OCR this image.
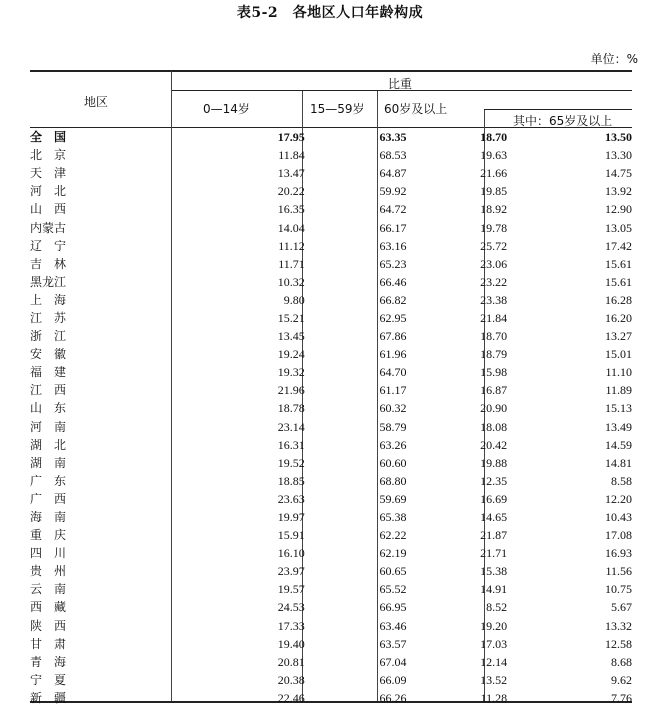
表5-2　各地区人口年龄构成
单位：%
地区
比重
0—14岁	15—59岁 60岁及以上
其中：65岁及以上
全　国	17.95	63.35	18.70	13.50
北　京	11.84	68.53	19.63	13.30
天　津	13.47	64.87	21.66	14.75
河　北	20.22	59.92	19.85	13.92
山　西	16.35	64.72	18.92	12.90
内蒙古	14.04	66.17	19.78	13.05
辽　宁	11.12	63.16	25.72	17.42
吉　林	11.71	65.23	23.06	15.61
黑龙江	10.32	66.46	23.22	15.61
上　海	9.80	66.82	23.38	16.28
江　苏	15.21	62.95	21.84	16.20
浙　江	13.45	67.86	18.70	13.27
安　徽	19.24	61.96	18.79	15.01
福　建	19.32	64.70	15.98	11.10
江　西	21.96	61.17	16.87	11.89
山　东	18.78	60.32	20.90	15.13
河　南	23.14	58.79	18.08	13.49
湖　北	16.31	63.26	20.42	14.59
湖　南	19.52	60.60	19.88	14.81
广　东	18.85	68.80	12.35	8.58
广　西	23.63	59.69	16.69	12.20
海　南	19.97	65.38	14.65	10.43
重　庆	15.91	62.22	21.87	17.08
四　川	16.10	62.19	21.71	16.93
贵　州	23.97	60.65	15.38	11.56
云　南	19.57	65.52	14.91	10.75
西　藏	24.53	66.95	8.52	5.67
陕　西	17.33	63.46	19.20	13.32
甘　肃	19.40	63.57	17.03	12.58
青　海	20.81	67.04	12.14	8.68
宁　夏	20.38	66.09	13.52	9.62
新　疆	22.46	66.26	11.28	7.76
